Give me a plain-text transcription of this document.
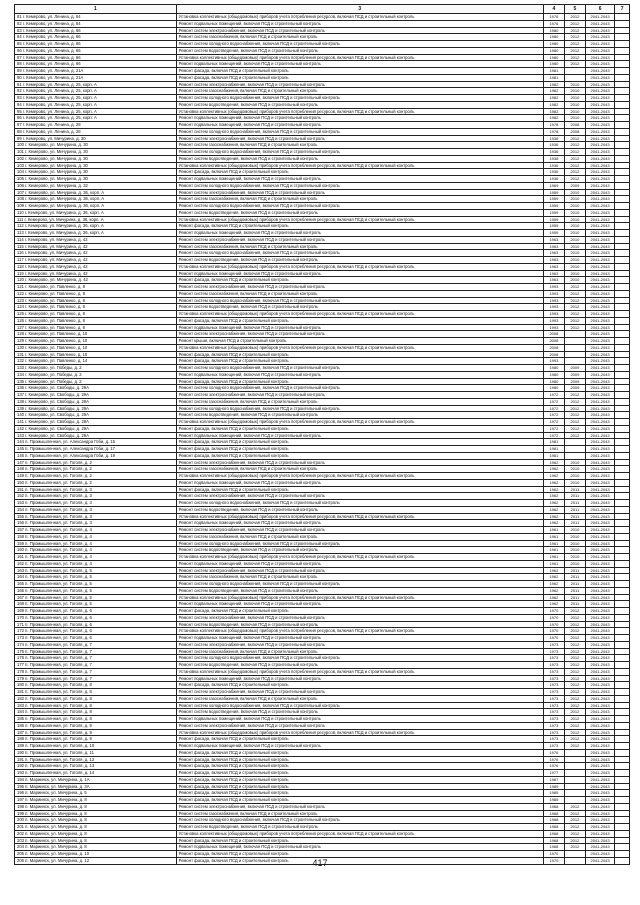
1	3	4	5	6	7
81 г. Кемерово, ул. Ленина, д. 64	Установка коллективных (общедомовых) приборов учета потребления ресурсов, включая ПСД и строительный контроль	1976	2012	2041-2043	
82 г. Кемерово, ул. Ленина, д. 64	Ремонт подвальных помещений, включая ПСД и строительный контроль	1976	2012	2041-2043	
83 г. Кемерово, ул. Ленина, д. 66	Ремонт систем электроснабжения, включая ПСД и строительный контроль	1980	2012	2041-2043	
84 г. Кемерово, ул. Ленина, д. 66	Ремонт систем газоснабжения, включая ПСД и строительный контроль	1980	2012	2041-2043	
85 г. Кемерово, ул. Ленина, д. 66	Ремонт систем холодного водоснабжения, включая ПСД и строительный контроль	1980	2012	2041-2043	
86 г. Кемерово, ул. Ленина, д. 66	Ремонт систем водоотведения, включая ПСД и строительный контроль	1980	2012	2041-2043	
87 г. Кемерово, ул. Ленина, д. 66	Установка коллективных (общедомовых) приборов учета потребления ресурсов, включая ПСД и строительный контроль	1980	2012	2041-2043	
88 г. Кемерово, ул. Ленина, д. 66	Ремонт подвальных помещений, включая ПСД и строительный контроль	1980	2012	2041-2043	
89 г. Кемерово, ул. Ленина, д. 21А	Ремонт фасада, включая ПСД и строительный контроль	1981		2041-2043	
90 г. Кемерово, ул. Ленина, д. 21А	Ремонт фасада, включая ПСД и строительный контроль	1981		2041-2043	
91 г. Кемерово, ул. Ленина, д. 25, корп. А	Ремонт систем электроснабжения, включая ПСД и строительный контроль	1982	2010	2041-2043	
92 г. Кемерово, ул. Ленина, д. 25, корп. А	Ремонт систем газоснабжения, включая ПСД и строительный контроль	1982	2010	2041-2043	
93 г. Кемерово, ул. Ленина, д. 25, корп. А	Ремонт систем холодного водоснабжения, включая ПСД и строительный контроль	1982	2010	2041-2043	
94 г. Кемерово, ул. Ленина, д. 25, корп. А	Ремонт систем водоотведения, включая ПСД и строительный контроль	1982	2010	2041-2043	
95 г. Кемерово, ул. Ленина, д. 25, корп. А	Установка коллективных (общедомовых) приборов учета потребления ресурсов, включая ПСД и строительный контроль	1982	2010	2041-2043	
96 г. Кемерово, ул. Ленина, д. 25, корп. А	Ремонт подвальных помещений, включая ПСД и строительный контроль	1982	2010	2041-2043	
97 г. Кемерово, ул. Ленина, д. 28	Ремонт подвальных помещений, включая ПСД и строительный контроль	1978	2008	2041-2043	
98 г. Кемерово, ул. Ленина, д. 28	Ремонт систем холодного водоснабжения, включая ПСД и строительный контроль	1978	2008	2041-2043	
99 г. Кемерово, ул. Мичурина, д. 30	Ремонт систем электроснабжения, включая ПСД и строительный контроль	1936	2012	2041-2043	
100 г. Кемерово, ул. Мичурина, д. 30	Ремонт систем газоснабжения, включая ПСД и строительный контроль	1936	2012	2041-2043	
101 г. Кемерово, ул. Мичурина, д. 30	Ремонт систем холодного водоснабжения, включая ПСД и строительный контроль	1936	2012	2041-2043	
102 г. Кемерово, ул. Мичурина, д. 30	Ремонт систем водоотведения, включая ПСД и строительный контроль	1936	2012	2041-2043	
103 г. Кемерово, ул. Мичурина, д. 30	Установка коллективных (общедомовых) приборов учета потребления ресурсов, включая ПСД и строительный контроль	1936	2012	2041-2043	
104 г. Кемерово, ул. Мичурина, д. 30	Ремонт фасада, включая ПСД и строительный контроль	1936	2012	2041-2043	
105 г. Кемерово, ул. Мичурина, д. 30	Ремонт подвальных помещений, включая ПСД и строительный контроль	1936	2012	2041-2043	
106 г. Кемерово, ул. Мичурина, д. 32	Ремонт систем холодного водоснабжения, включая ПСД и строительный контроль	1969	2009	2041-2043	
107 г. Кемерово, ул. Мичурина, д. 36, корп. А	Ремонт систем электроснабжения, включая ПСД и строительный контроль	1959	2010	2041-2043	
108 г. Кемерово, ул. Мичурина, д. 36, корп. А	Ремонт систем газоснабжения, включая ПСД и строительный контроль	1959	2010	2041-2043	
109 г. Кемерово, ул. Мичурина, д. 36, корп. А	Ремонт систем холодного водоснабжения, включая ПСД и строительный контроль	1959	2010	2041-2043	
110 г. Кемерово, ул. Мичурина, д. 36, корп. А	Ремонт систем водоотведения, включая ПСД и строительный контроль	1959	2010	2041-2043	
111 г. Кемерово, ул. Мичурина, д. 36, корп. А	Установка коллективных (общедомовых) приборов учета потребления ресурсов, включая ПСД и строительный контроль	1959	2010	2041-2043	
112 г. Кемерово, ул. Мичурина, д. 36, корп. А	Ремонт фасада, включая ПСД и строительный контроль	1959	2010	2041-2043	
113 г. Кемерово, ул. Мичурина, д. 36, корп. А	Ремонт подвальных помещений, включая ПСД и строительный контроль	1959	2010	2041-2043	
114 г. Кемерово, ул. Мичурина, д. 42	Ремонт систем электроснабжения, включая ПСД и строительный контроль	1963	2010	2041-2043	
115 г. Кемерово, ул. Мичурина, д. 42	Ремонт систем газоснабжения, включая ПСД и строительный контроль	1963	2010	2041-2043	
116 г. Кемерово, ул. Мичурина, д. 42	Ремонт систем холодного водоснабжения, включая ПСД и строительный контроль	1963	2010	2041-2043	
117 г. Кемерово, ул. Мичурина, д. 42	Ремонт систем водоотведения, включая ПСД и строительный контроль	1963	2010	2041-2043	
118 г. Кемерово, ул. Мичурина, д. 42	Установка коллективных (общедомовых) приборов учета потребления ресурсов, включая ПСД и строительный контроль	1963	2010	2041-2043	
119 г. Кемерово, ул. Мичурина, д. 42	Ремонт подвальных помещений, включая ПСД и строительный контроль	1963	2010	2041-2043	
120 г. Кемерово, ул. Мичурина, д. 42	Ремонт фасада, включая ПСД и строительный контроль	1963	2010	2041-2043	
121 г. Кемерово, ул. Павленко, д. 8	Ремонт систем электроснабжения, включая ПСД и строительный контроль	1993	2012	2041-2043	
122 г. Кемерово, ул. Павленко, д. 8	Ремонт систем газоснабжения, включая ПСД и строительный контроль	1993	2012	2041-2043	
123 г. Кемерово, ул. Павленко, д. 8	Ремонт систем холодного водоснабжения, включая ПСД и строительный контроль	1993	2012	2041-2043	
124 г. Кемерово, ул. Павленко, д. 8	Ремонт систем водоотведения, включая ПСД и строительный контроль	1993	2012	2041-2043	
125 г. Кемерово, ул. Павленко, д. 8	Установка коллективных (общедомовых) приборов учета потребления ресурсов, включая ПСД и строительный контроль	1993	2012	2041-2043	
126 г. Кемерово, ул. Павленко, д. 8	Ремонт фасада, включая ПСД и строительный контроль	1993	2012	2041-2043	
127 г. Кемерово, ул. Павленко, д. 8	Ремонт подвальных помещений, включая ПСД и строительный контроль	1993	2012	2041-2043	
128 г. Кемерово, ул. Павленко, д. 10	Ремонт систем электроснабжения, включая ПСД и строительный контроль	2008		2041-2043	
129 г. Кемерово, ул. Павленко, д. 10	Ремонт крыши, включая ПСД и строительный контроль	2008		2041-2043	
130 г. Кемерово, ул. Павленко, д. 10	Установка коллективных (общедомовых) приборов учета потребления ресурсов, включая ПСД и строительный контроль	2008		2041-2043	
131 г. Кемерово, ул. Павленко, д. 10	Ремонт фасада, включая ПСД и строительный контроль	2008		2041-2043	
132 г. Кемерово, ул. Павленко, д. 14	Ремонт фасада, включая ПСД и строительный контроль	1993		2041-2043	
133 г. Кемерово, ул. Победы, д. 2	Ремонт систем холодного водоснабжения, включая ПСД и строительный контроль	1980	2009	2041-2043	
134 г. Кемерово, ул. Победы, д. 2	Ремонт подвальных помещений, включая ПСД и строительный контроль	1980	2009	2041-2043	
135 г. Кемерово, ул. Победы, д. 2	Ремонт фасада, включая ПСД и строительный контроль	1980	2009	2041-2043	
136 г. Кемерово, ул. Свободы, д. 29А	Ремонт систем холодного водоснабжения, включая ПСД и строительный контроль	1980	2009	2041-2043	
137 г. Кемерово, ул. Свободы, д. 29А	Ремонт систем электроснабжения, включая ПСД и строительный контроль	1972	2012	2041-2043	
138 г. Кемерово, ул. Свободы, д. 29А	Ремонт систем газоснабжения, включая ПСД и строительный контроль	1972	2012	2041-2043	
139 г. Кемерово, ул. Свободы, д. 29А	Ремонт систем холодного водоснабжения, включая ПСД и строительный контроль	1972	2012	2041-2043	
140 г. Кемерово, ул. Свободы, д. 29А	Ремонт систем водоотведения, включая ПСД и строительный контроль	1972	2012	2041-2043	
141 г. Кемерово, ул. Свободы, д. 29А	Установка коллективных (общедомовых) приборов учета потребления ресурсов, включая ПСД и строительный контроль	1972	2012	2041-2043	
142 г. Кемерово, ул. Свободы, д. 29А	Ремонт фасада, включая ПСД и строительный контроль	1972	2012	2041-2043	
143 г. Кемерово, ул. Свободы, д. 29А	Ремонт подвальных помещений, включая ПСД и строительный контроль	1972	2012	2041-2043	
144 п. Промышленная, ул. Александра Гоби, д. 15	Ремонт фасада, включая ПСД и строительный контроль	1981		2041-2043	
145 п. Промышленная, ул. Александра Гоби, д. 17	Ремонт фасада, включая ПСД и строительный контроль	1981		2041-2043	
146 п. Промышленная, ул. Александра Гоби, д. 19	Ремонт фасада, включая ПСД и строительный контроль	1981		2041-2043	
147 п. Промышленная, ул. Гоголя, д. 2	Ремонт систем электроснабжения, включая ПСД и строительный контроль	1962	2010	2041-2043	
148 п. Промышленная, ул. Гоголя, д. 2	Ремонт систем газоснабжения, включая ПСД и строительный контроль	1962	2010	2041-2043	
149 п. Промышленная, ул. Гоголя, д. 2	Установка коллективных (общедомовых) приборов учета потребления ресурсов, включая ПСД и строительный контроль	1962	2010	2041-2043	
150 п. Промышленная, ул. Гоголя, д. 2	Ремонт подвальных помещений, включая ПСД и строительный контроль	1962	2010	2041-2043	
151 п. Промышленная, ул. Гоголя, д. 3	Ремонт фасада, включая ПСД и строительный контроль	1962	2011	2041-2043	
152 п. Промышленная, ул. Гоголя, д. 3	Ремонт систем электроснабжения, включая ПСД и строительный контроль	1962	2011	2041-2043	
153 п. Промышленная, ул. Гоголя, д. 3	Ремонт систем холодного водоснабжения, включая ПСД и строительный контроль	1962	2011	2041-2043	
154 п. Промышленная, ул. Гоголя, д. 3	Ремонт систем водоотведения, включая ПСД и строительный контроль	1962	2011	2041-2043	
155 п. Промышленная, ул. Гоголя, д. 3	Установка коллективных (общедомовых) приборов учета потребления ресурсов, включая ПСД и строительный контроль	1962	2011	2041-2043	
156 п. Промышленная, ул. Гоголя, д. 3	Ремонт подвальных помещений, включая ПСД и строительный контроль	1962	2011	2041-2043	
157 п. Промышленная, ул. Гоголя, д. 4	Ремонт систем электроснабжения, включая ПСД и строительный контроль	1961	2010	2041-2043	
158 п. Промышленная, ул. Гоголя, д. 4	Ремонт систем газоснабжения, включая ПСД и строительный контроль	1961	2010	2041-2043	
159 п. Промышленная, ул. Гоголя, д. 4	Ремонт систем холодного водоснабжения, включая ПСД и строительный контроль	1961	2010	2041-2043	
160 п. Промышленная, ул. Гоголя, д. 4	Ремонт систем водоотведения, включая ПСД и строительный контроль	1961	2010	2041-2043	
161 п. Промышленная, ул. Гоголя, д. 4	Установка коллективных (общедомовых) приборов учета потребления ресурсов, включая ПСД и строительный контроль	1961	2010	2041-2043	
162 п. Промышленная, ул. Гоголя, д. 4	Ремонт подвальных помещений, включая ПСД и строительный контроль	1961	2010	2041-2043	
163 п. Промышленная, ул. Гоголя, д. 5	Ремонт систем электроснабжения, включая ПСД и строительный контроль	1962	2011	2041-2043	
164 п. Промышленная, ул. Гоголя, д. 5	Ремонт систем газоснабжения, включая ПСД и строительный контроль	1962	2011	2041-2043	
165 п. Промышленная, ул. Гоголя, д. 5	Ремонт систем холодного водоснабжения, включая ПСД и строительный контроль	1962	2011	2041-2043	
166 п. Промышленная, ул. Гоголя, д. 5	Ремонт систем водоотведения, включая ПСД и строительный контроль	1962	2011	2041-2043	
167 п. Промышленная, ул. Гоголя, д. 5	Установка коллективных (общедомовых) приборов учета потребления ресурсов, включая ПСД и строительный контроль	1962	2011	2041-2043	
168 п. Промышленная, ул. Гоголя, д. 5	Ремонт подвальных помещений, включая ПСД и строительный контроль	1962	2011	2041-2043	
169 п. Промышленная, ул. Гоголя, д. 6	Ремонт фасада, включая ПСД и строительный контроль	1970	2012	2041-2043	
170 п. Промышленная, ул. Гоголя, д. 6	Ремонт систем электроснабжения, включая ПСД и строительный контроль	1970	2012	2041-2043	
171 п. Промышленная, ул. Гоголя, д. 6	Ремонт систем водоотведения, включая ПСД и строительный контроль	1970	2012	2041-2043	
172 п. Промышленная, ул. Гоголя, д. 6	Установка коллективных (общедомовых) приборов учета потребления ресурсов, включая ПСД и строительный контроль	1970	2012	2041-2043	
173 п. Промышленная, ул. Гоголя, д. 6	Ремонт подвальных помещений, включая ПСД и строительный контроль	1970	2012	2041-2043	
174 п. Промышленная, ул. Гоголя, д. 7	Ремонт систем электроснабжения, включая ПСД и строительный контроль	1973	2012	2041-2043	
175 п. Промышленная, ул. Гоголя, д. 7	Ремонт систем газоснабжения, включая ПСД и строительный контроль	1973	2012	2041-2043	
176 п. Промышленная, ул. Гоголя, д. 7	Ремонт систем холодного водоснабжения, включая ПСД и строительный контроль	1973	2012	2041-2043	
177 п. Промышленная, ул. Гоголя, д. 7	Ремонт систем водоотведения, включая ПСД и строительный контроль	1973	2012	2041-2043	
178 п. Промышленная, ул. Гоголя, д. 7	Установка коллективных (общедомовых) приборов учета потребления ресурсов, включая ПСД и строительный контроль	1973	2012	2041-2043	
179 п. Промышленная, ул. Гоголя, д. 7	Ремонт подвальных помещений, включая ПСД и строительный контроль	1973	2012	2041-2043	
180 п. Промышленная, ул. Гоголя, д. 8	Ремонт фасада, включая ПСД и строительный контроль	1973	2012	2041-2043	
181 п. Промышленная, ул. Гоголя, д. 8	Ремонт систем электроснабжения, включая ПСД и строительный контроль	1973	2012	2041-2043	
182 п. Промышленная, ул. Гоголя, д. 8	Ремонт систем газоснабжения, включая ПСД и строительный контроль	1973	2012	2041-2043	
183 п. Промышленная, ул. Гоголя, д. 8	Ремонт систем холодного водоснабжения, включая ПСД и строительный контроль	1973	2012	2041-2043	
184 п. Промышленная, ул. Гоголя, д. 8	Ремонт систем водоотведения, включая ПСД и строительный контроль	1973	2012	2041-2043	
185 п. Промышленная, ул. Гоголя, д. 8	Ремонт подвальных помещений, включая ПСД и строительный контроль	1973	2012	2041-2043	
186 п. Промышленная, ул. Гоголя, д. 9	Ремонт систем электроснабжения, включая ПСД и строительный контроль	1973	2012	2041-2043	
187 п. Промышленная, ул. Гоголя, д. 9	Установка коллективных (общедомовых) приборов учета потребления ресурсов, включая ПСД и строительный контроль	1973	2012	2041-2043	
188 п. Промышленная, ул. Гоголя, д. 9	Ремонт фасада, включая ПСД и строительный контроль	1973	2012	2041-2043	
189 п. Промышленная, ул. Гоголя, д. 10	Ремонт подвальных помещений, включая ПСД и строительный контроль	1973	2012	2041-2043	
190 п. Промышленная, ул. Гоголя, д. 11	Ремонт фасада, включая ПСД и строительный контроль	1976		2041-2043	
191 п. Промышленная, ул. Гоголя, д. 12	Ремонт фасада, включая ПСД и строительный контроль	1976		2041-2043	
192 п. Промышленная, ул. Гоголя, д. 13	Ремонт фасада, включая ПСД и строительный контроль	1976		2041-2043	
193 п. Промышленная, ул. Гоголя, д. 14	Ремонт фасада, включая ПСД и строительный контроль	1977		2041-2043	
194 п. Мариинск, ул. Мичурина, д. 1А	Ремонт фасада, включая ПСД и строительный контроль	1987		2041-2043	
195 п. Мариинск, ул. Мичурина, д. 3А	Ремонт фасада, включая ПСД и строительный контроль	1989		2041-2043	
196 п. Мариинск, ул. Мичурина, д. 5	Ремонт фасада, включая ПСД и строительный контроль	1985		2041-2043	
197 п. Мариинск, ул. Мичурина, д. 8	Ремонт фасада, включая ПСД и строительный контроль	1985		2041-2043	
198 п. Мариинск, ул. Мичурина, д. 8	Ремонт систем электроснабжения, включая ПСД и строительный контроль	1968	2012	2041-2043	
199 п. Мариинск, ул. Мичурина, д. 8	Ремонт систем газоснабжения, включая ПСД и строительный контроль	1968	2012	2041-2043	
200 п. Мариинск, ул. Мичурина, д. 8	Ремонт систем холодного водоснабжения, включая ПСД и строительный контроль	1968	2012	2041-2043	
201 п. Мариинск, ул. Мичурина, д. 8	Ремонт систем водоотведения, включая ПСД и строительный контроль	1968	2012	2041-2043	
202 п. Мариинск, ул. Мичурина, д. 8	Установка коллективных (общедомовых) приборов учета потребления ресурсов, включая ПСД и строительный контроль	1968	2012	2041-2043	
203 п. Мариинск, ул. Мичурина, д. 8	Ремонт фасада, включая ПСД и строительный контроль	1968	2012	2041-2043	
204 п. Мариинск, ул. Мичурина, д. 8	Ремонт подвальных помещений, включая ПСД и строительный контроль	1968	2012	2041-2043	
205 п. Мариинск, ул. Мичурина, д. 10	Ремонт фасада, включая ПСД и строительный контроль	1970		2041-2043	
206 п. Мариинск, ул. Мичурина, д. 12	Ремонт фасада, включая ПСД и строительный контроль	1970		2041-2043	
417
